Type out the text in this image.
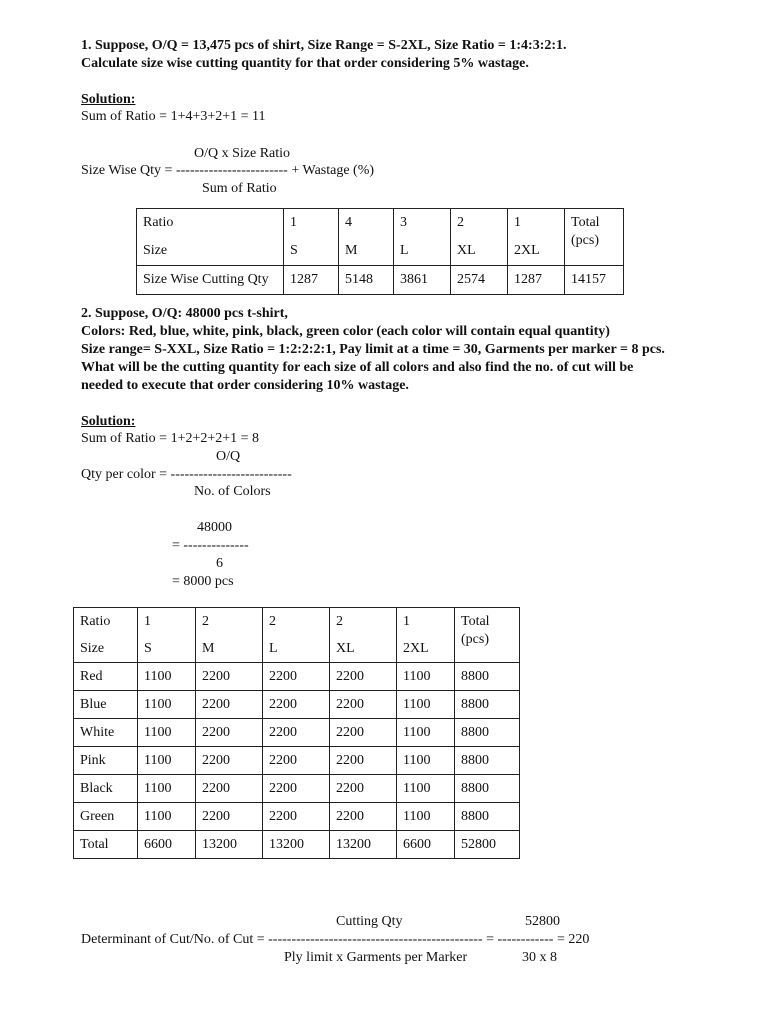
1. Suppose, O/Q = 13,475 pcs of shirt, Size Range = S-2XL, Size Ratio = 1:4:3:2:1.
Calculate size wise cutting quantity for that order considering 5% wastage.
Solution:
Sum of Ratio = 1+4+3+2+1 = 11
O/Q x Size Ratio
Size Wise Qty = ------------------------ + Wastage (%)
Sum of Ratio
Ratio	1	4	3	2	1	Total
(pcs)
Size	S	M	L	XL	2XL	
Size Wise Cutting Qty	1287	5148	3861	2574	1287	14157
2. Suppose, O/Q: 48000 pcs t-shirt,
Colors: Red, blue, white, pink, black, green color (each color will contain equal quantity)
Size range= S-XXL, Size Ratio = 1:2:2:2:1, Pay limit at a time = 30, Garments per marker = 8 pcs.
What will be the cutting quantity for each size of all colors and also find the no. of cut will be
needed to execute that order considering 10% wastage.
Solution:
Sum of Ratio = 1+2+2+2+1 = 8
O/Q
Qty per color = --------------------------
No. of Colors
48000
= --------------
6
= 8000 pcs
Ratio	1	2	2	2	1	Total
(pcs)
Size	S	M	L	XL	2XL	
Red	1100	2200	2200	2200	1100	8800
Blue	1100	2200	2200	2200	1100	8800
White	1100	2200	2200	2200	1100	8800
Pink	1100	2200	2200	2200	1100	8800
Black	1100	2200	2200	2200	1100	8800
Green	1100	2200	2200	2200	1100	8800
Total	6600	13200	13200	13200	6600	52800
Cutting Qty	52800
Determinant of Cut/No. of Cut = ---------------------------------------------- = ------------ = 220
Ply limit x Garments per Marker	30 x 8
